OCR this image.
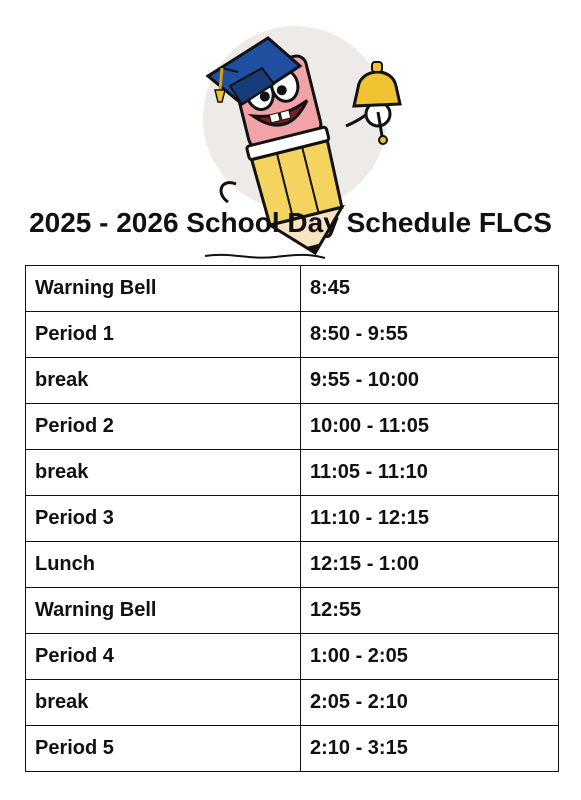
2025 - 2026 School Day Schedule FLCS
Warning Bell	8:45
Period 1	8:50 - 9:55
break	9:55 - 10:00
Period 2	10:00 - 11:05
break	11:05 - 11:10
Period 3	11:10 - 12:15
Lunch	12:15 - 1:00
Warning Bell	12:55
Period 4	1:00 - 2:05
break	2:05 - 2:10
Period 5	2:10 - 3:15
